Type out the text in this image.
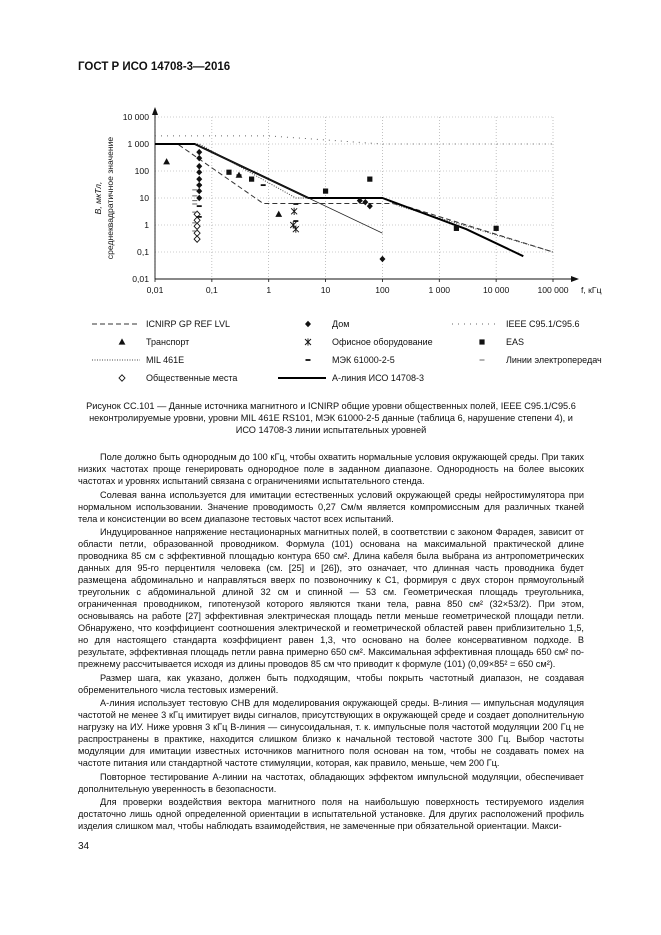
ГОСТ Р ИСО 14708-3—2016
10 000
1 000
100
10
1
0,1
0,01
0,01	0,1	1	10	100	1 000	10 000	100 000 f, кГц
B, мкТл, среднеквадратичное значение
ICNIRP GP REF LVL	Дом	IEEE C95.1/C95.6
Транспорт	Офисное оборудование	EAS
MIL 461E	МЭК 61000-2-5	Линии электропередач
Общественные места	А-линия ИСО 14708-3
Рисунок CC.101 — Данные источника магнитного и ICNIRP общие уровни общественных полей, IEEE C95.1/C95.6 неконтролируемые уровни, уровни MIL 461E RS101, МЭК 61000-2-5 данные (таблица 6, нарушение степени 4), и ИСО 14708-3 линии испытательных уровней

Поле должно быть однородным до 100 кГц, чтобы охватить нормальные условия окружающей среды. При таких низких частотах проще генерировать однородное поле в заданном диапазоне. Однородность на более высоких частотах и уровнях испытаний связана с ограничениями испытательного стенда.

Солевая ванна используется для имитации естественных условий окружающей среды нейростимулятора при нормальном использовании. Значение проводимость 0,27 См/м является компромиссным для различных тканей тела и консистенции во всем диапазоне тестовых частот всех испытаний.

Индуцированное напряжение нестационарных магнитных полей, в соответствии с законом Фарадея, зависит от области петли, образованной проводником. Формула (101) основана на максимальной практической длине проводника 85 см с эффективной площадью контура 650 см². Длина кабеля была выбрана из антропометрических данных для 95-го перцентиля человека (см. [25] и [26]), это означает, что длинная часть проводника будет размещена абдоминально и направляться вверх по позвоночнику к C1, формируя с двух сторон прямоугольный треугольник с абдоминальной длиной 32 см и спинной — 53 см. Геометрическая площадь треугольника, ограниченная проводником, гипотенузой которого являются ткани тела, равна 850 см² (32×53/2). При этом, основываясь на работе [27] эффективная электрическая площадь петли меньше геометрической площади петли. Обнаружено, что коэффициент соотношения электрической и геометрической областей равен приблизительно 1,5, но для настоящего стандарта коэффициент равен 1,3, что основано на более консервативном подходе. В результате, эффективная площадь петли равна примерно 650 см². Максимальная эффективная площадь 650 см² по-прежнему рассчитывается исходя из длины проводов 85 см что приводит к формуле (101) (0,09×85² = 650 см²).

Размер шага, как указано, должен быть подходящим, чтобы покрыть частотный диапазон, не создавая обременительного числа тестовых измерений.

А-линия использует тестовую СНВ для моделирования окружающей среды. В-линия — импульсная модуляция частотой не менее 3 кГц имитирует виды сигналов, присутствующих в окружающей среде и создает дополнительную нагрузку на ИУ. Ниже уровня 3 кГц В-линия — синусоидальная, т. к. импульсные поля частотой модуляции 200 Гц не распространены в практике, находится слишком близко к начальной тестовой частоте 300 Гц. Выбор частоты модуляции для имитации известных источников магнитного поля основан на том, чтобы не создавать помех на частоте питания или стандартной частоте стимуляции, которая, как правило, меньше, чем 200 Гц.

Повторное тестирование А-линии на частотах, обладающих эффектом импульсной модуляции, обеспечивает дополнительную уверенность в безопасности.

Для проверки воздействия вектора магнитного поля на наибольшую поверхность тестируемого изделия достаточно лишь одной определенной ориентации в испытательной установке. Для других расположений профиль изделия слишком мал, чтобы наблюдать взаимодействия, не замеченные при обязательной ориентации. Макси-

34
